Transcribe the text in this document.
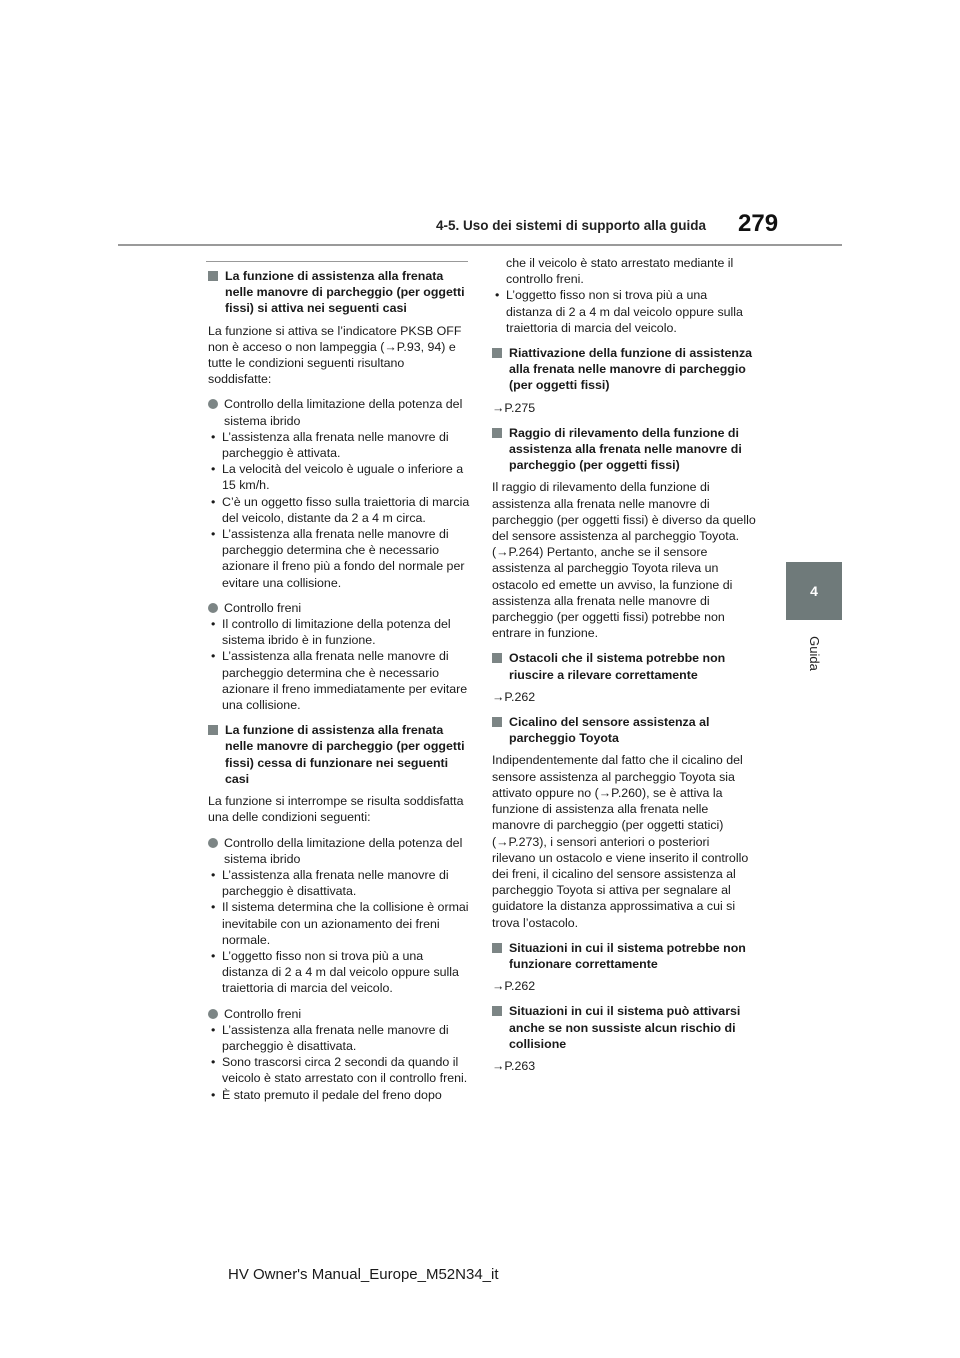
4-5. Uso dei sistemi di supporto alla guida 279
4
Guida
La funzione di assistenza alla frenata nelle manovre di parcheggio (per oggetti fissi) si attiva nei seguenti casi

La funzione si attiva se l’indicatore PKSB OFF non è acceso o non lampeggia (→P.93, 94) e tutte le condizioni seguenti risultano soddisfatte:

Controllo della limitazione della potenza del sistema ibrido
• L’assistenza alla frenata nelle manovre di parcheggio è attivata.
• La velocità del veicolo è uguale o inferiore a 15 km/h.
• C’è un oggetto fisso sulla traiettoria di marcia del veicolo, distante da 2 a 4 m circa.
• L’assistenza alla frenata nelle manovre di parcheggio determina che è necessario azionare il freno più a fondo del normale per evitare una collisione.
Controllo freni
• Il controllo di limitazione della potenza del sistema ibrido è in funzione.
• L’assistenza alla frenata nelle manovre di parcheggio determina che è necessario azionare il freno immediatamente per evitare una collisione.
La funzione di assistenza alla frenata nelle manovre di parcheggio (per oggetti fissi) cessa di funzionare nei seguenti casi

La funzione si interrompe se risulta soddisfatta una delle condizioni seguenti:

Controllo della limitazione della potenza del sistema ibrido
• L’assistenza alla frenata nelle manovre di parcheggio è disattivata.
• Il sistema determina che la collisione è ormai inevitabile con un azionamento dei freni normale.
• L’oggetto fisso non si trova più a una distanza di 2 a 4 m dal veicolo oppure sulla traiettoria di marcia del veicolo.
Controllo freni
• L’assistenza alla frenata nelle manovre di parcheggio è disattivata.
• Sono trascorsi circa 2 secondi da quando il veicolo è stato arrestato con il controllo freni.
• È stato premuto il pedale del freno dopo
che il veicolo è stato arrestato mediante il controllo freni.
• L’oggetto fisso non si trova più a una distanza di 2 a 4 m dal veicolo oppure sulla traiettoria di marcia del veicolo.
Riattivazione della funzione di assistenza alla frenata nelle manovre di parcheggio (per oggetti fissi)

→P.275

Raggio di rilevamento della funzione di assistenza alla frenata nelle manovre di parcheggio (per oggetti fissi)

Il raggio di rilevamento della funzione di assistenza alla frenata nelle manovre di parcheggio (per oggetti fissi) è diverso da quello del sensore assistenza al parcheggio Toyota. (→P.264) Pertanto, anche se il sensore assistenza al parcheggio Toyota rileva un ostacolo ed emette un avviso, la funzione di assistenza alla frenata nelle manovre di parcheggio (per oggetti fissi) potrebbe non entrare in funzione.

Ostacoli che il sistema potrebbe non riuscire a rilevare correttamente

→P.262

Cicalino del sensore assistenza al parcheggio Toyota

Indipendentemente dal fatto che il cicalino del sensore assistenza al parcheggio Toyota sia attivato oppure no (→P.260), se è attiva la funzione di assistenza alla frenata nelle manovre di parcheggio (per oggetti statici) (→P.273), i sensori anteriori o posteriori rilevano un ostacolo e viene inserito il controllo dei freni, il cicalino del sensore assistenza al parcheggio Toyota si attiva per segnalare al guidatore la distanza approssimativa a cui si trova l’ostacolo.

Situazioni in cui il sistema potrebbe non funzionare correttamente

→P.262

Situazioni in cui il sistema può attivarsi anche se non sussiste alcun rischio di collisione

→P.263

HV Owner's Manual_Europe_M52N34_it
